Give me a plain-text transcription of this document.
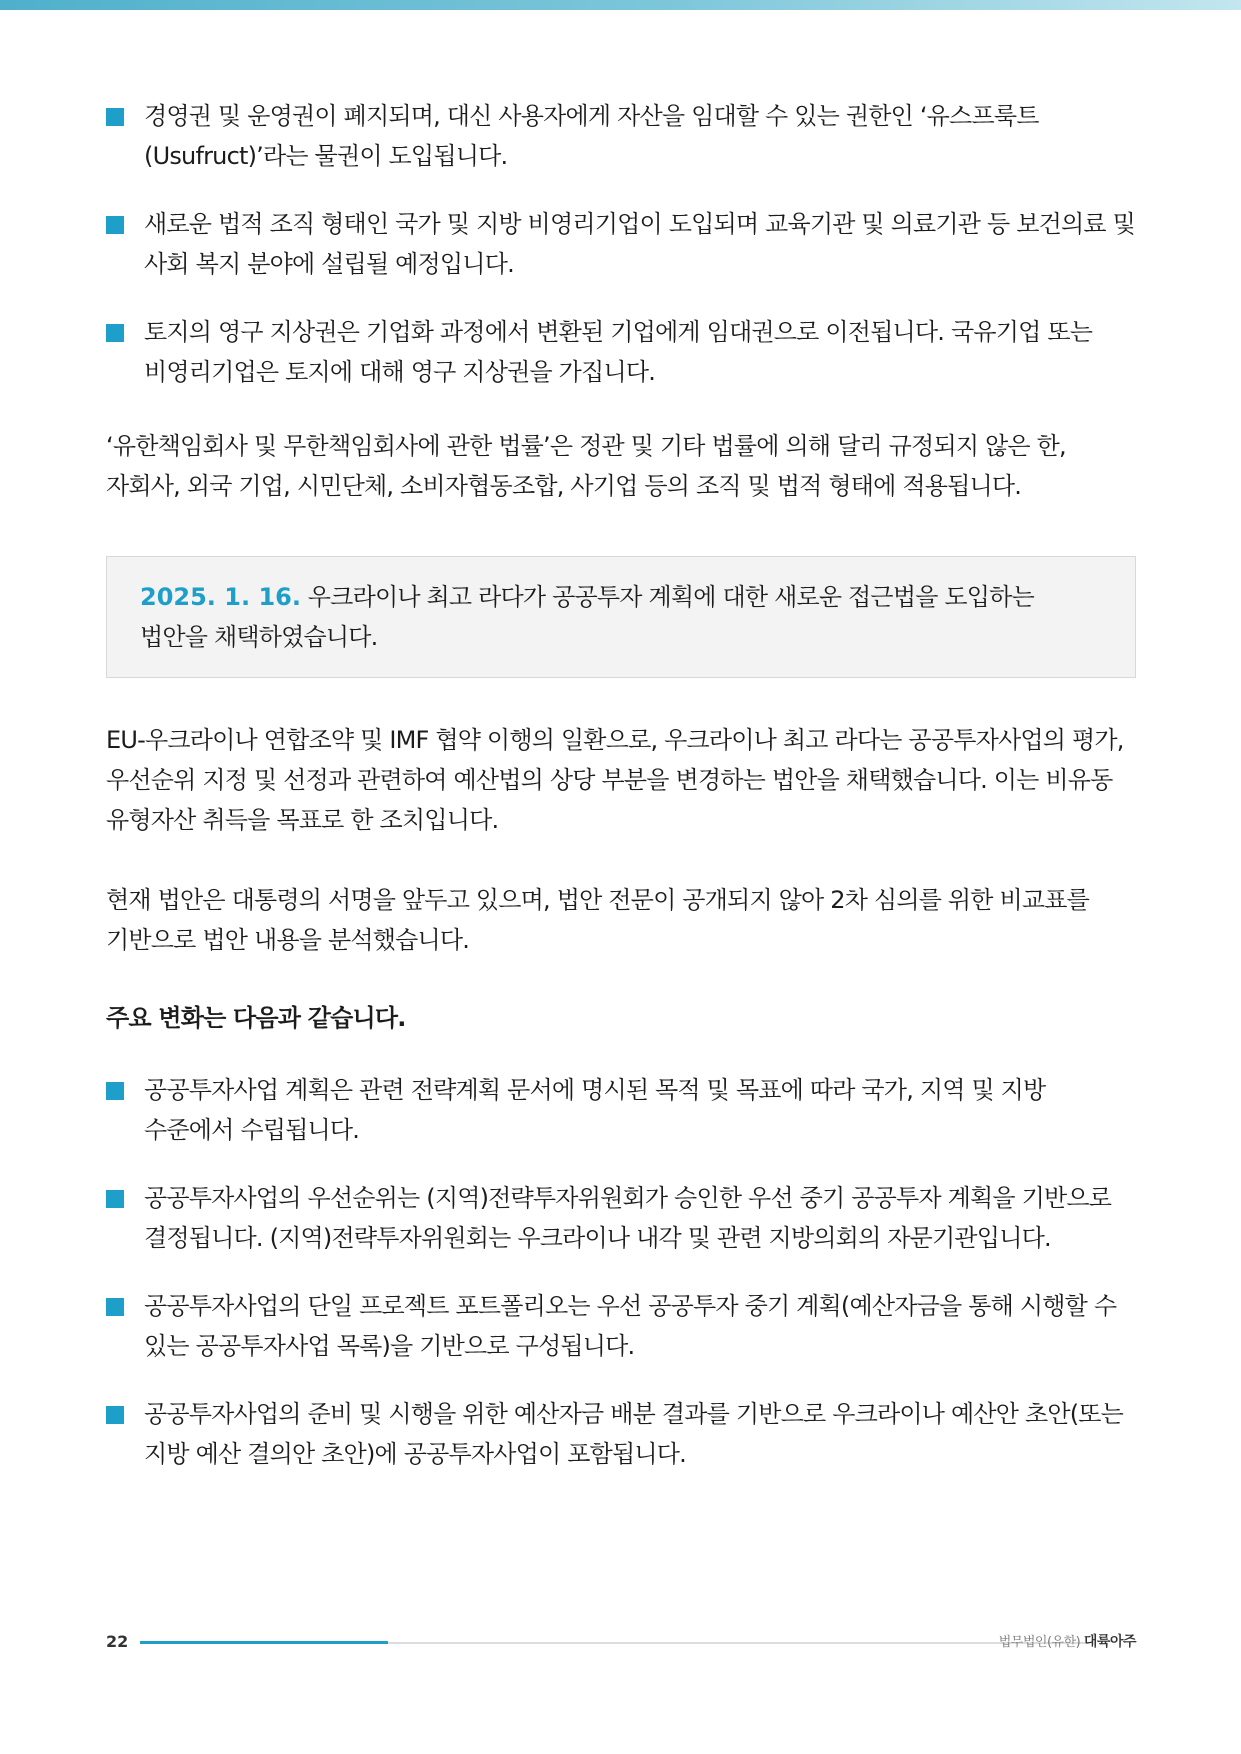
경영권 및 운영권이 폐지되며, 대신 사용자에게 자산을 임대할 수 있는 권한인 ‘유스프룩트(Usufruct)’라는 물권이 도입됩니다.
새로운 법적 조직 형태인 국가 및 지방 비영리기업이 도입되며 교육기관 및 의료기관 등 보건의료 및 사회 복지 분야에 설립될 예정입니다.
토지의 영구 지상권은 기업화 과정에서 변환된 기업에게 임대권으로 이전됩니다. 국유기업 또는 비영리기업은 토지에 대해 영구 지상권을 가집니다.

‘유한책임회사 및 무한책임회사에 관한 법률’은 정관 및 기타 법률에 의해 달리 규정되지 않은 한, 자회사, 외국 기업, 시민단체, 소비자협동조합, 사기업 등의 조직 및 법적 형태에 적용됩니다.

2025. 1. 16. 우크라이나 최고 라다가 공공투자 계획에 대한 새로운 접근법을 도입하는 법안을 채택하였습니다.

EU-우크라이나 연합조약 및 IMF 협약 이행의 일환으로, 우크라이나 최고 라다는 공공투자사업의 평가, 우선순위 지정 및 선정과 관련하여 예산법의 상당 부분을 변경하는 법안을 채택했습니다. 이는 비유동 유형자산 취득을 목표로 한 조치입니다.

현재 법안은 대통령의 서명을 앞두고 있으며, 법안 전문이 공개되지 않아 2차 심의를 위한 비교표를 기반으로 법안 내용을 분석했습니다.

주요 변화는 다음과 같습니다.

공공투자사업 계획은 관련 전략계획 문서에 명시된 목적 및 목표에 따라 국가, 지역 및 지방 수준에서 수립됩니다.
공공투자사업의 우선순위는 (지역)전략투자위원회가 승인한 우선 중기 공공투자 계획을 기반으로 결정됩니다. (지역)전략투자위원회는 우크라이나 내각 및 관련 지방의회의 자문기관입니다.
공공투자사업의 단일 프로젝트 포트폴리오는 우선 공공투자 중기 계획(예산자금을 통해 시행할 수 있는 공공투자사업 목록)을 기반으로 구성됩니다.
공공투자사업의 준비 및 시행을 위한 예산자금 배분 결과를 기반으로 우크라이나 예산안 초안(또는 지방 예산 결의안 초안)에 공공투자사업이 포함됩니다.
22	법무법인(유한) 대륙아주
